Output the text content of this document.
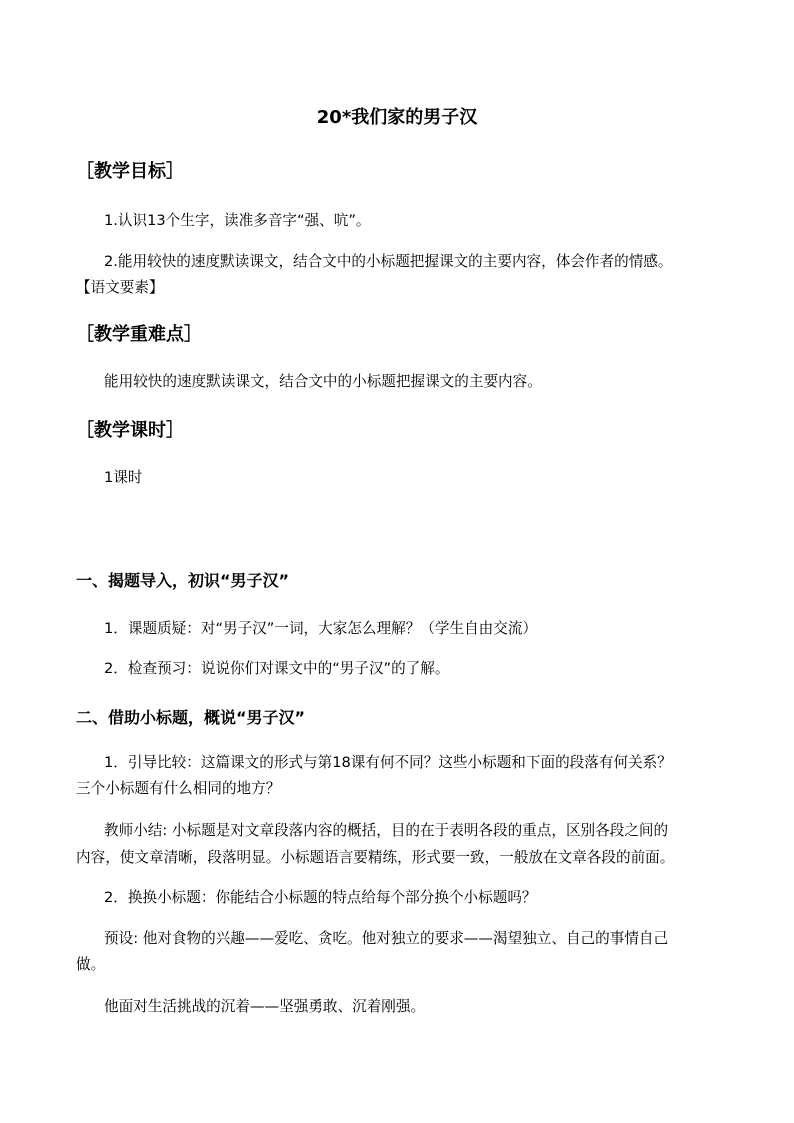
20*我们家的男子汉
［教学目标］
1.认识13个生字，读准多音字“强、吭”。
2.能用较快的速度默读课文，结合文中的小标题把握课文的主要内容，体会作者的情感。
【语文要素】
［教学重难点］
能用较快的速度默读课文，结合文中的小标题把握课文的主要内容。
［教学课时］
1课时
一、揭题导入，初识“男子汉”
1．课题质疑：对“男子汉”一词，大家怎么理解？（学生自由交流）
2．检查预习：说说你们对课文中的“男子汉”的了解。
二、借助小标题，概说“男子汉”
1．引导比较：这篇课文的形式与第18课有何不同？这些小标题和下面的段落有何关系？
三个小标题有什么相同的地方？
教师小结: 小标题是对文章段落内容的概括，目的在于表明各段的重点，区别各段之间的
内容，使文章清晰，段落明显。小标题语言要精练，形式要一致，一般放在文章各段的前面。
2．换换小标题：你能结合小标题的特点给每个部分换个小标题吗？
预设: 他对食物的兴趣——爱吃、贪吃。他对独立的要求——渴望独立、自己的事情自己
做。
他面对生活挑战的沉着——坚强勇敢、沉着刚强。
